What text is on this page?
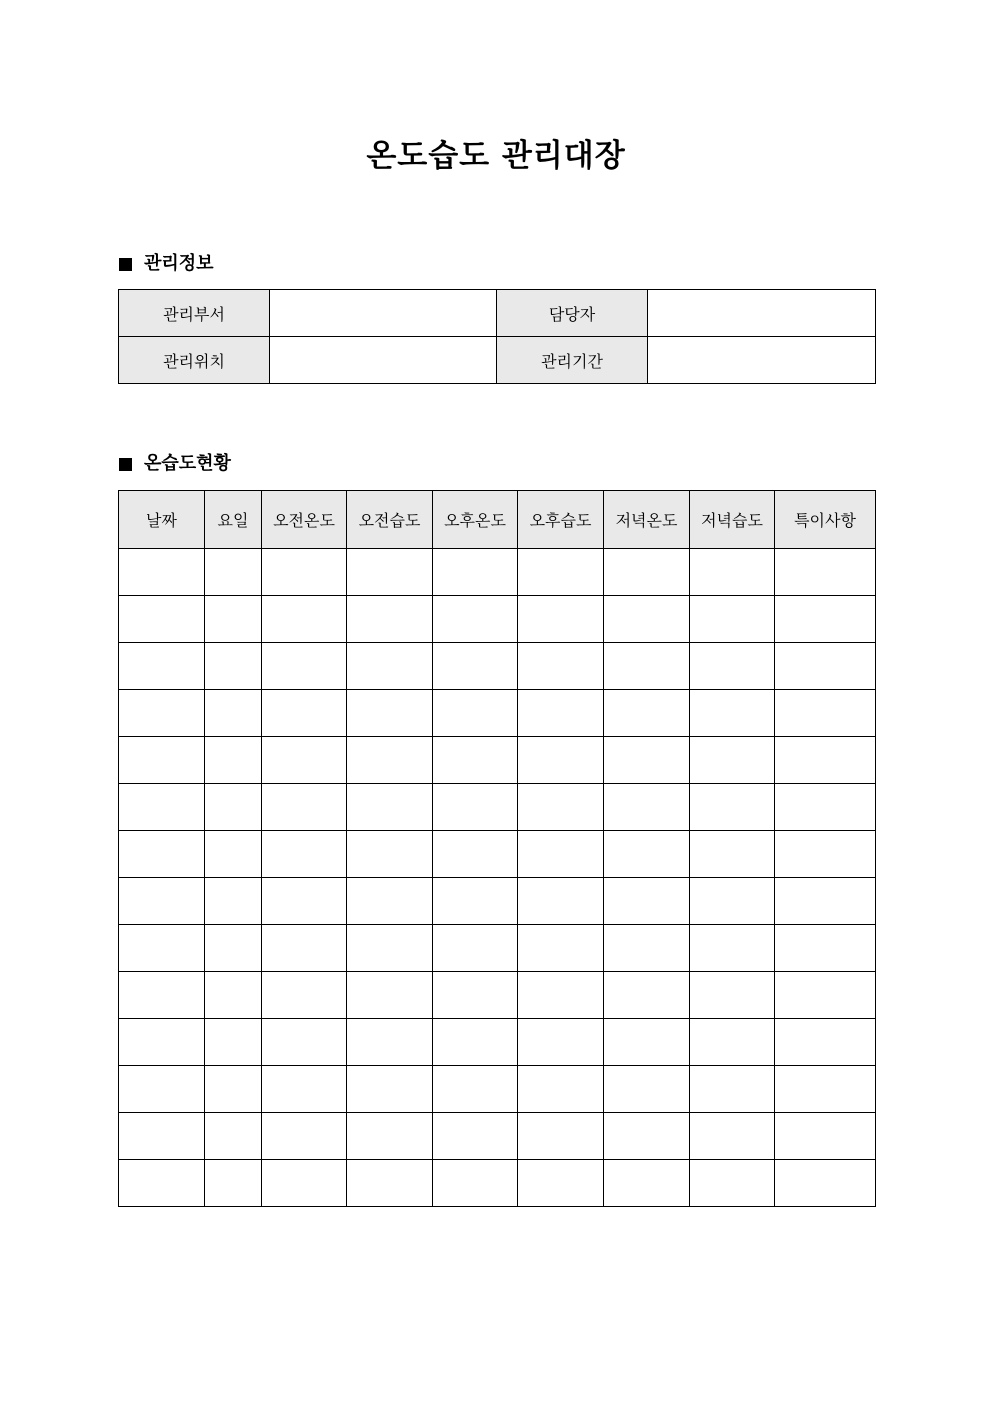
온도습도 관리대장
관리정보
관리부서		담당자	
관리위치		관리기간	
온습도현황
날짜	요일	오전온도	오전습도	오후온도	오후습도	저녁온도	저녁습도	특이사항
